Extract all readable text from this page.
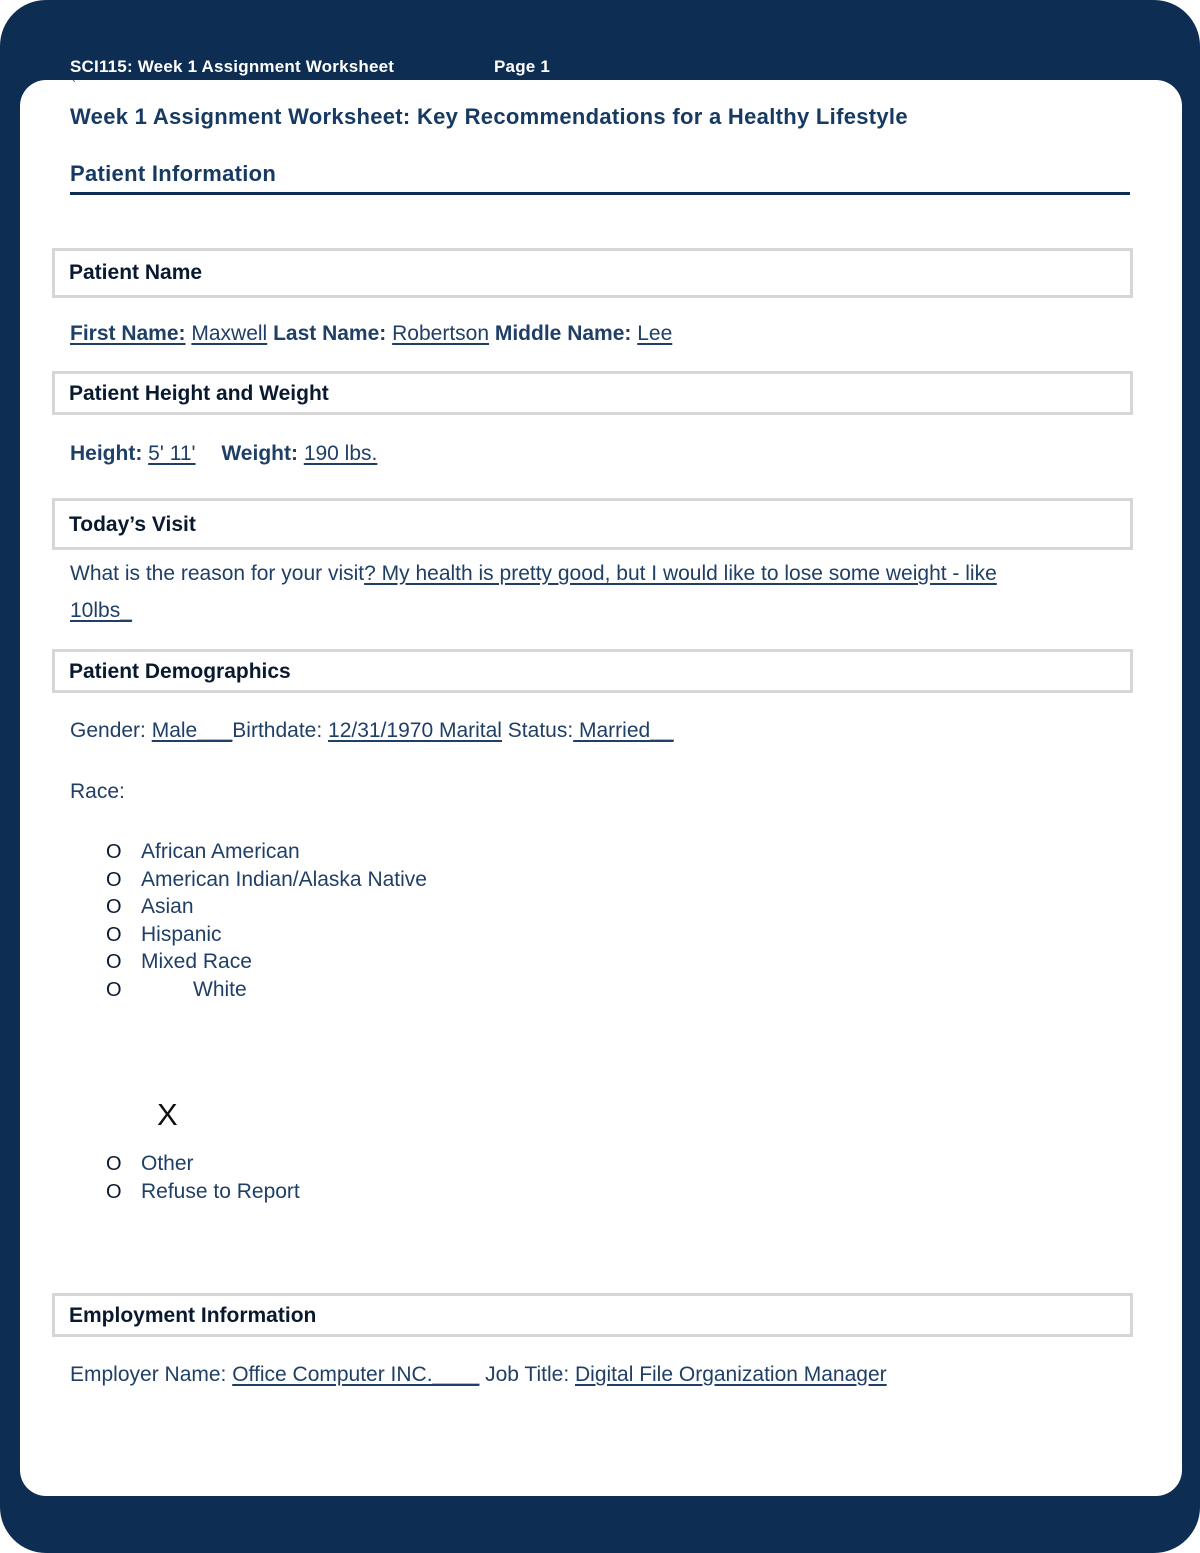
SCI115: Week 1 Assignment Worksheet	Page 1
`
Week 1 Assignment Worksheet: Key Recommendations for a Healthy Lifestyle
Patient Information
Patient Name
First Name: Maxwell Last Name: Robertson Middle Name: Lee
Patient Height and Weight
Height: 5' 11' Weight: 190 lbs.
Today’s Visit
What is the reason for your visit? My health is pretty good, but I would like to lose some weight - like
10lbs_
Patient Demographics
Gender: Male___Birthdate: 12/31/1970 Marital Status: Married__
Race:
O African American
O American Indian/Alaska Native
O Asian
O Hispanic
O Mixed Race
O	White
X
O Other
O Refuse to Report
Employment Information
Employer Name: Office Computer INC.____ Job Title: Digital File Organization Manager
